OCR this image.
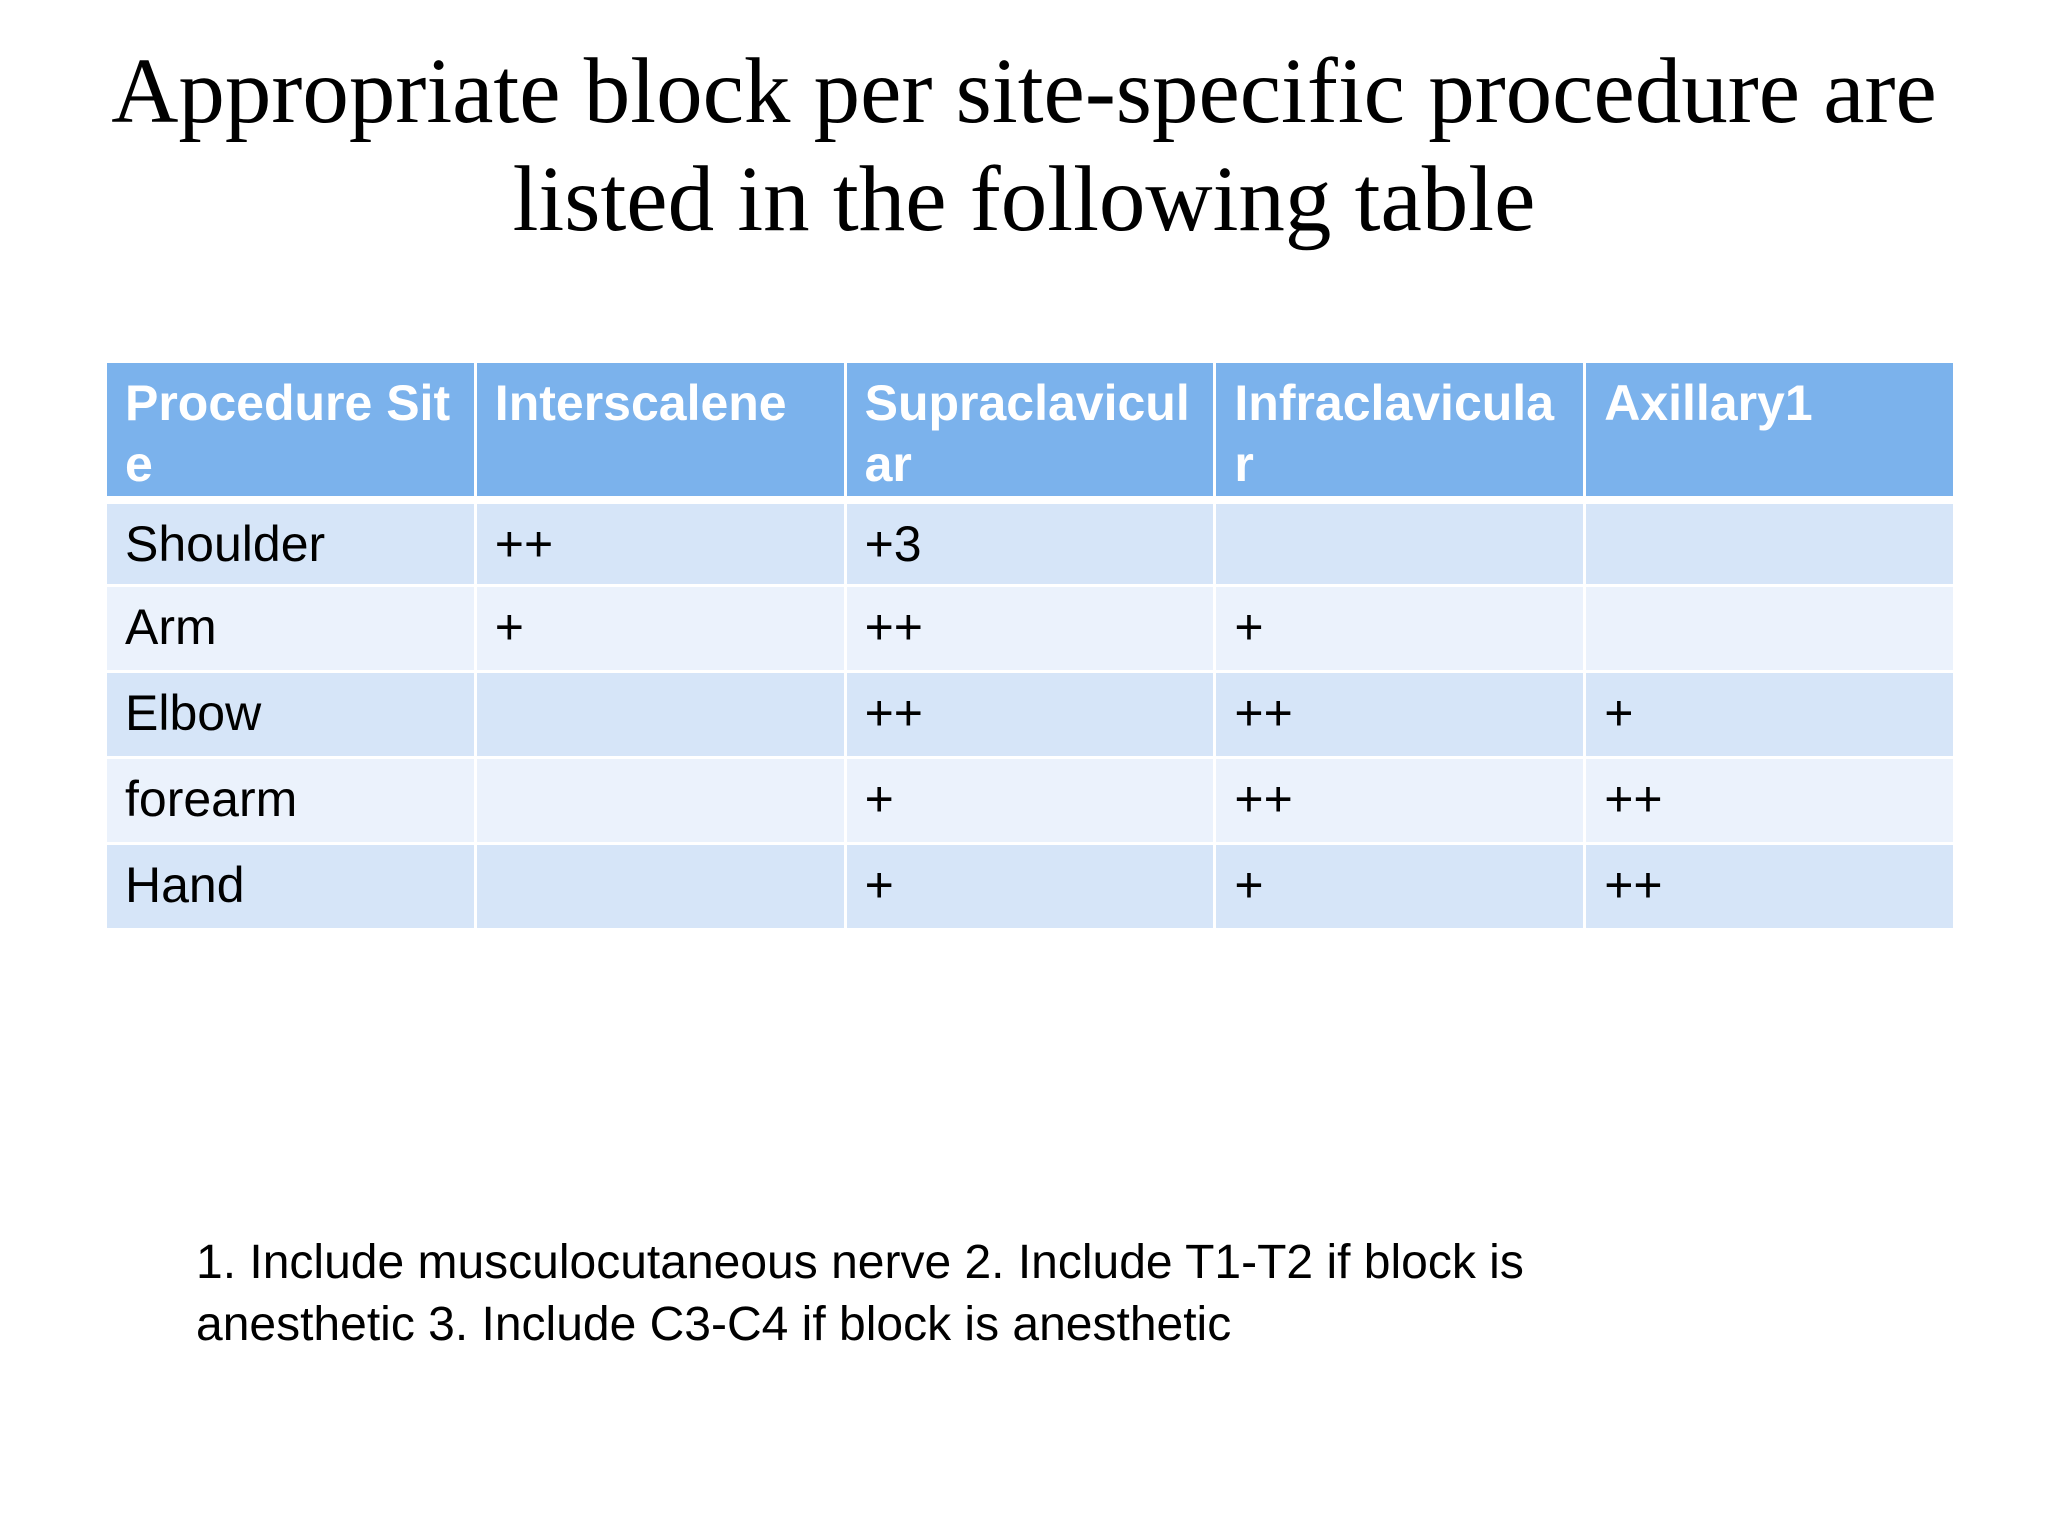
Appropriate block per site-specific procedure are
listed in the following table
Procedure Site	Interscalene	Supraclavicular	Infraclavicular	Axillary1
Shoulder	++	+3		
Arm	+	++	+	
Elbow		++	++	+
forearm		+	++	++
Hand		+	+	++

1. Include musculocutaneous nerve 2. Include T1-T2 if block is anesthetic 3. Include C3-C4 if block is anesthetic
